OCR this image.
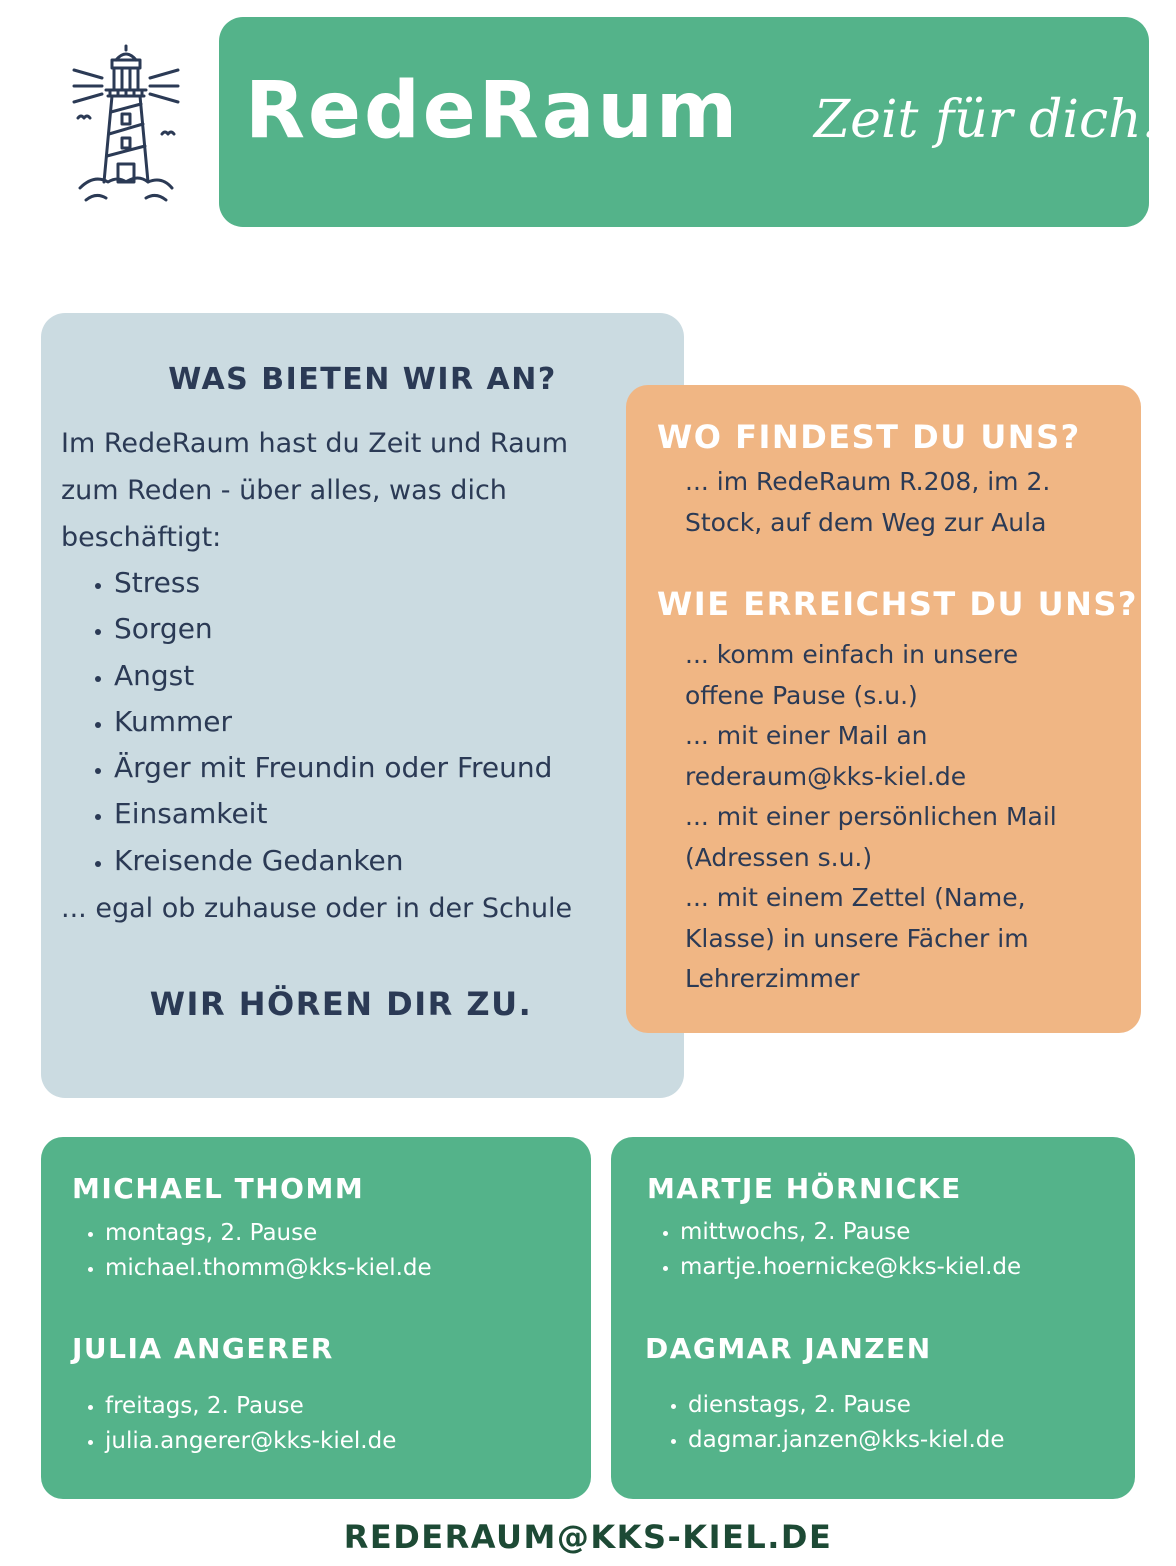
RedeRaum Zeit für dich.
WAS BIETEN WIR AN?
Im RedeRaum hast du Zeit und Raum zum Reden - über alles, was dich beschäftigt:
• Stress
• Sorgen
• Angst
• Kummer
• Ärger mit Freundin oder Freund
• Einsamkeit
• Kreisende Gedanken
... egal ob zuhause oder in der Schule
WIR HÖREN DIR ZU.
WO FINDEST DU UNS?
... im RedeRaum R.208, im 2.
Stock, auf dem Weg zur Aula
WIE ERREICHST DU UNS?
... komm einfach in unsere
offene Pause (s.u.)
... mit einer Mail an
rederaum@kks-kiel.de
... mit einer persönlichen Mail
(Adressen s.u.)
... mit einem Zettel (Name,
Klasse) in unsere Fächer im
Lehrerzimmer
MICHAEL THOMM
• montags, 2. Pause
• michael.thomm@kks-kiel.de
JULIA ANGERER
• freitags, 2. Pause
• julia.angerer@kks-kiel.de
MARTJE HÖRNICKE
• mittwochs, 2. Pause
• martje.hoernicke@kks-kiel.de
DAGMAR JANZEN
• dienstags, 2. Pause
• dagmar.janzen@kks-kiel.de
REDERAUM@KKS-KIEL.DE
